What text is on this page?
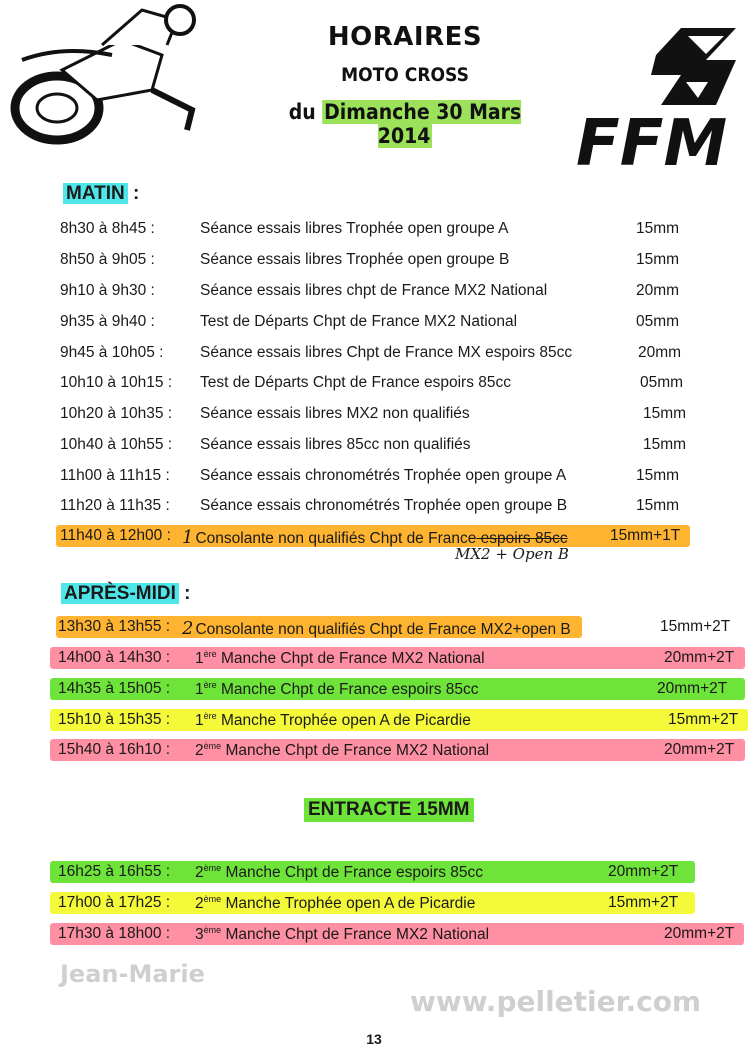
www.pelletier.com
Jean-Marie
HORAIRES
MOTO CROSS
du Dimanche 30 Mars 2014	FFM
MATIN :
8h30 à 8h45 :	Séance essais libres Trophée open groupe A	15mm
8h50 à 9h05 :	Séance essais libres Trophée open groupe B	15mm
9h10 à 9h30 :	Séance essais libres chpt de France MX2 National	20mm
9h35 à 9h40 :	Test de Départs Chpt de France MX2 National	05mm
9h45 à 10h05 : Séance essais libres Chpt de France MX espoirs 85cc	20mm
10h10 à 10h15 : Test de Départs Chpt de France espoirs 85cc	05mm
10h20 à 10h35 : Séance essais libres MX2 non qualifiés	15mm
10h40 à 10h55 : Séance essais libres 85cc non qualifiés	15mm
11h00 à 11h15 : Séance essais chronométrés Trophée open groupe A	15mm
11h20 à 11h35 : Séance essais chronométrés Trophée open groupe B	15mm
11h40 à 12h00 : 1 Consolante non qualifiés Chpt de France espoirs 85cc	15mm+1T
MX2 + Open B
APRÈS-MIDI :
13h30 à 13h55 : 2 Consolante non qualifiés Chpt de France MX2+open B	15mm+2T
14h00 à 14h30 : 1ère Manche Chpt de France MX2 National	20mm+2T
14h35 à 15h05 : 1ère Manche Chpt de France espoirs 85cc	20mm+2T
15h10 à 15h35 : 1ère Manche Trophée open A de Picardie	15mm+2T
15h40 à 16h10 : 2ème Manche Chpt de France MX2 National	20mm+2T
ENTRACTE 15MM
16h25 à 16h55 : 2ème Manche Chpt de France espoirs 85cc	20mm+2T
17h00 à 17h25 : 2ème Manche Trophée open A de Picardie	15mm+2T
17h30 à 18h00 : 3ème Manche Chpt de France MX2 National	20mm+2T
13
